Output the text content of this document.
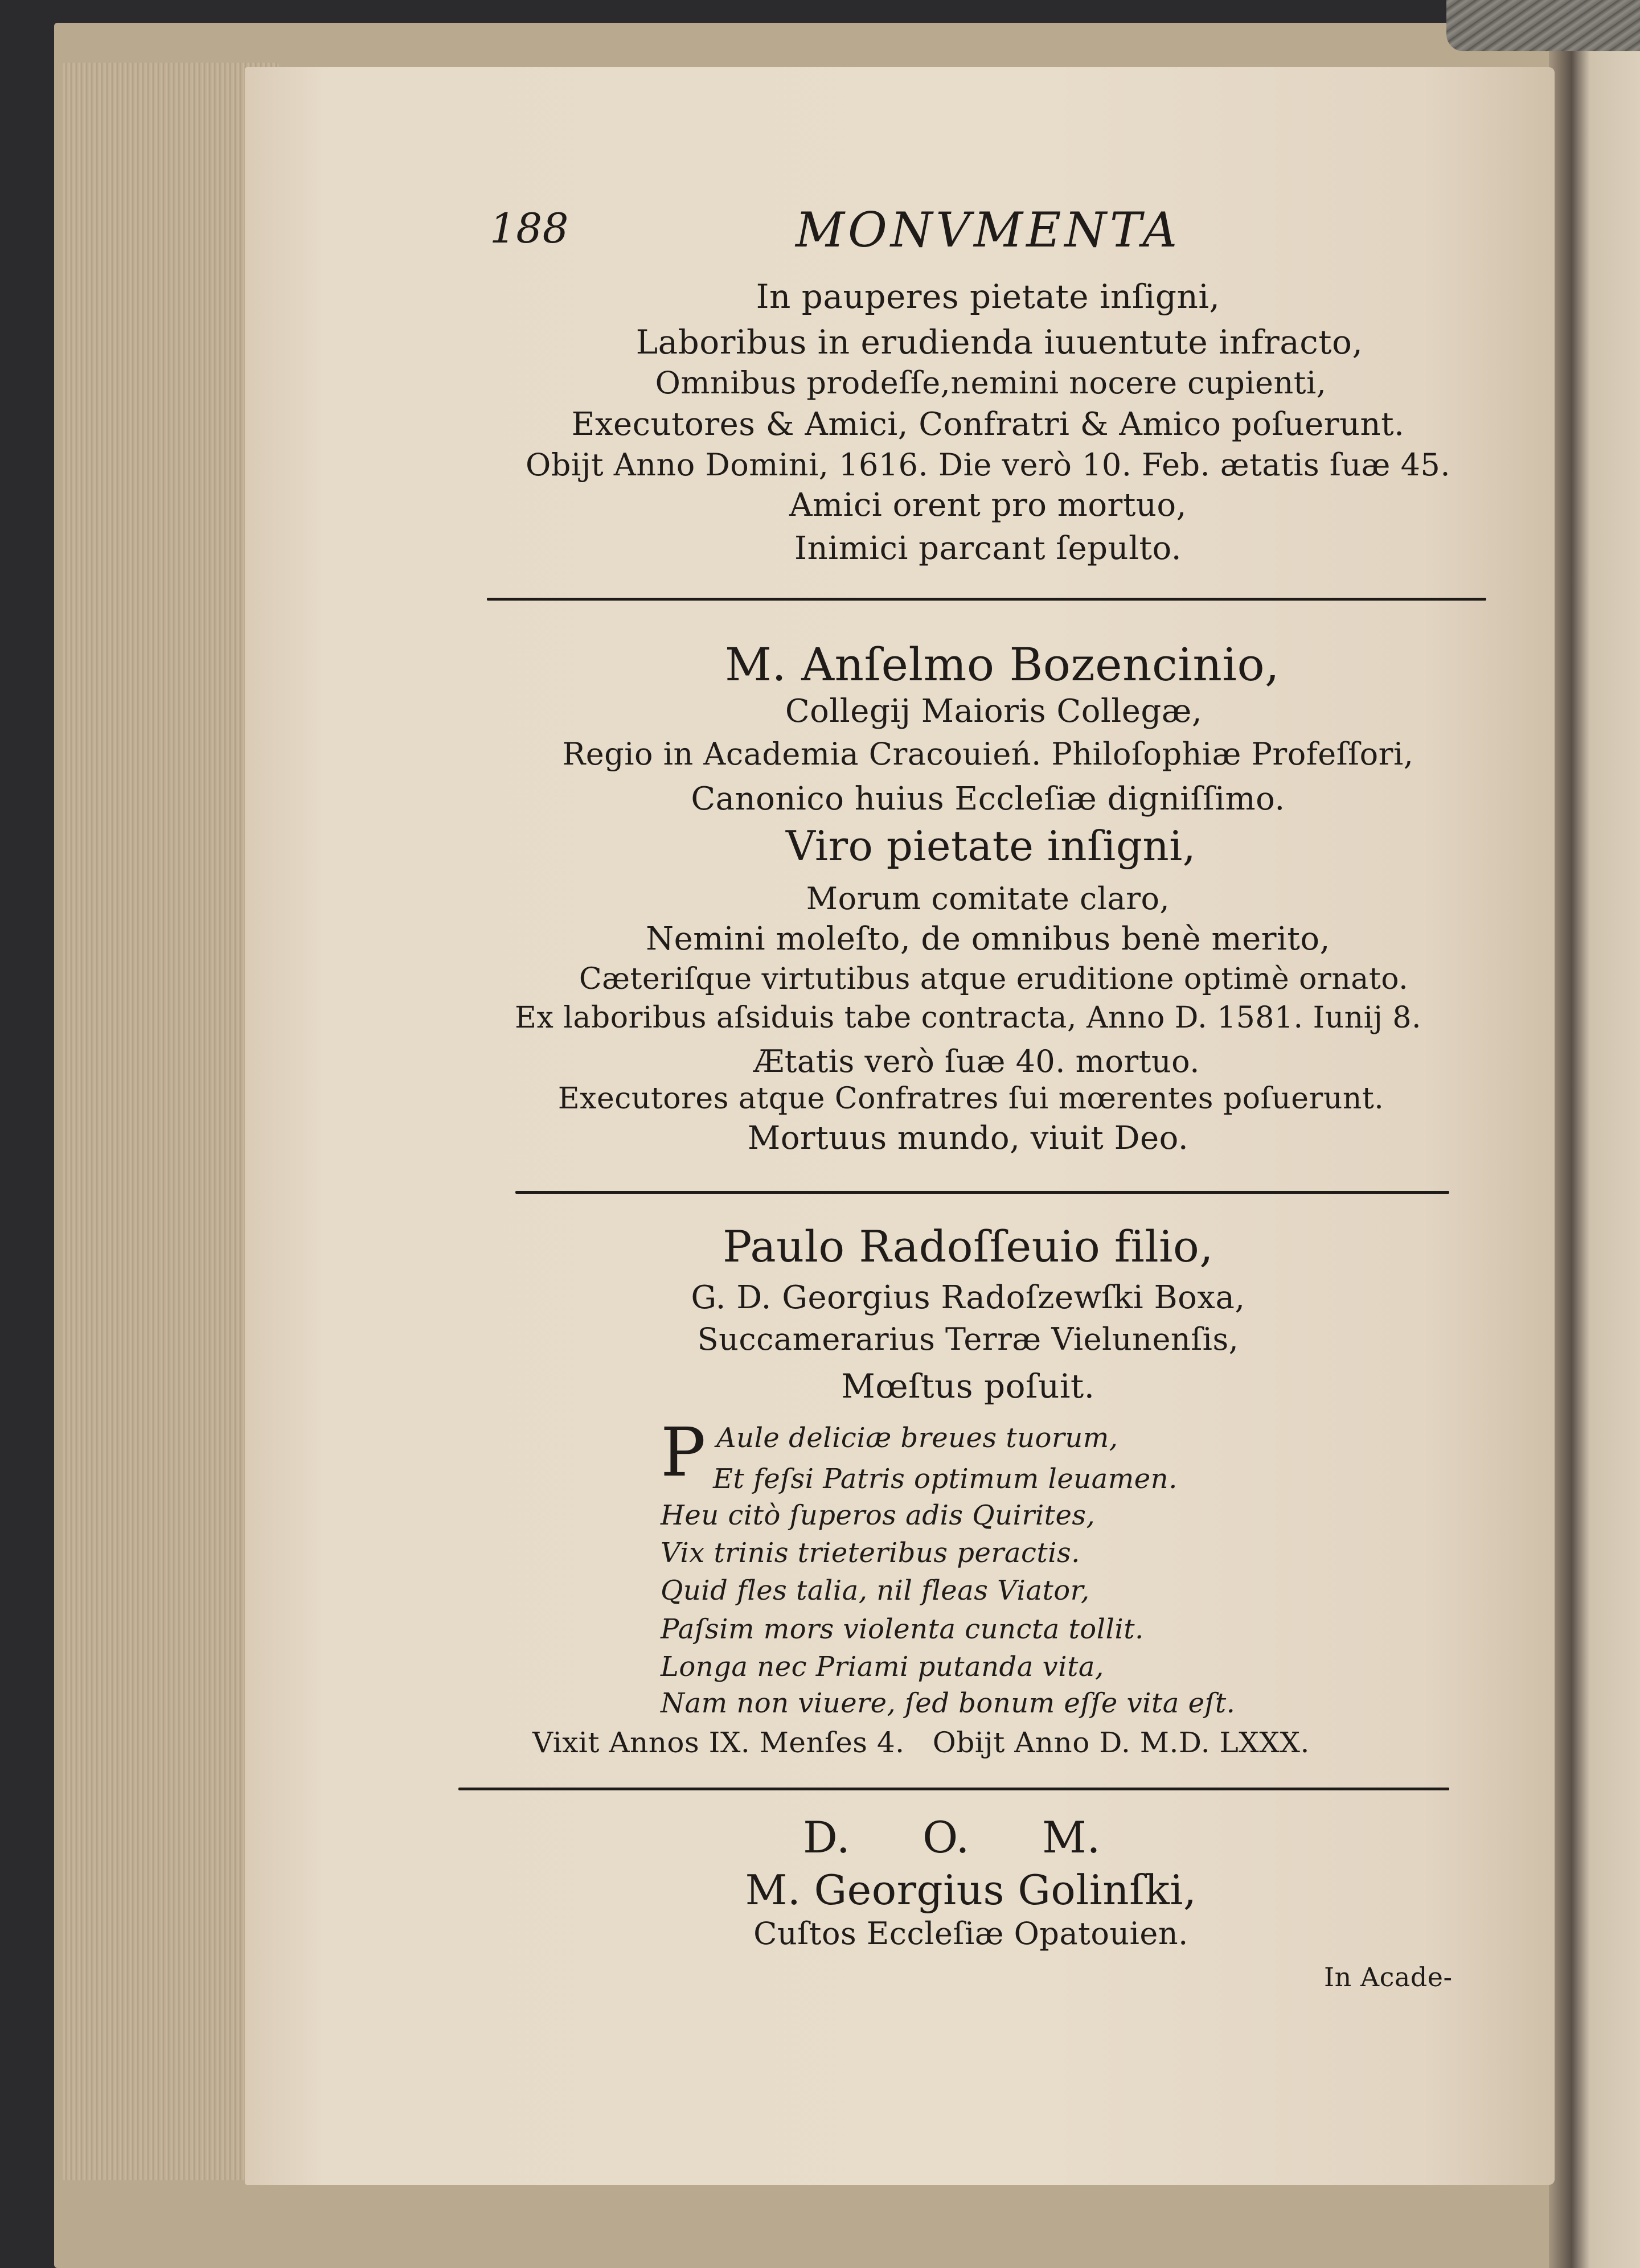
188	MONVMENTA
In pauperes pietate inſigni,
Laboribus in erudienda iuuentute infracto,
Omnibus prodeſſe,nemini nocere cupienti,
Executores & Amici, Confratri & Amico poſuerunt.
Obijt Anno Domini, 1616. Die verò 10. Feb. ætatis ſuæ 45.
Amici orent pro mortuo,
Inimici parcant ſepulto.
M. Anſelmo Bozencinio,
Collegij Maioris Collegæ,
Regio in Academia Cracouień. Philoſophiæ Profeſſori,
Canonico huius Eccleſiæ digniſſimo.
Viro pietate inſigni,
Morum comitate claro,
Nemini moleſto, de omnibus benè merito,
Cæteriſque virtutibus atque eruditione optimè ornato.
Ex laboribus aſsiduis tabe contracta, Anno D. 1581. Iunij 8.
Ætatis verò ſuæ 40. mortuo.
Executores atque Confratres ſui mœrentes poſuerunt.
Mortuus mundo, viuit Deo.
Paulo Radoſſeuio filio,
G. D. Georgius Radoſzewſki Boxa,
Succamerarius Terræ Vielunenſis,
Mœſtus poſuit.
P Aule deliciæ breues tuorum,
Et feſsi Patris optimum leuamen.
Heu citò ſuperos adis Quirites,
Vix trinis trieteribus peractis.
Quid fles talia, nil fleas Viator,
Paſsim mors violenta cuncta tollit.
Longa nec Priami putanda vita,
Nam non viuere, ſed bonum eſſe vita eſt.
Vixit Annos IX. Menſes 4.   Obijt Anno D. M.D. LXXX.
D. O. M.
M. Georgius Golinſki,
Cuſtos Eccleſiæ Opatouien.
In Acade-
